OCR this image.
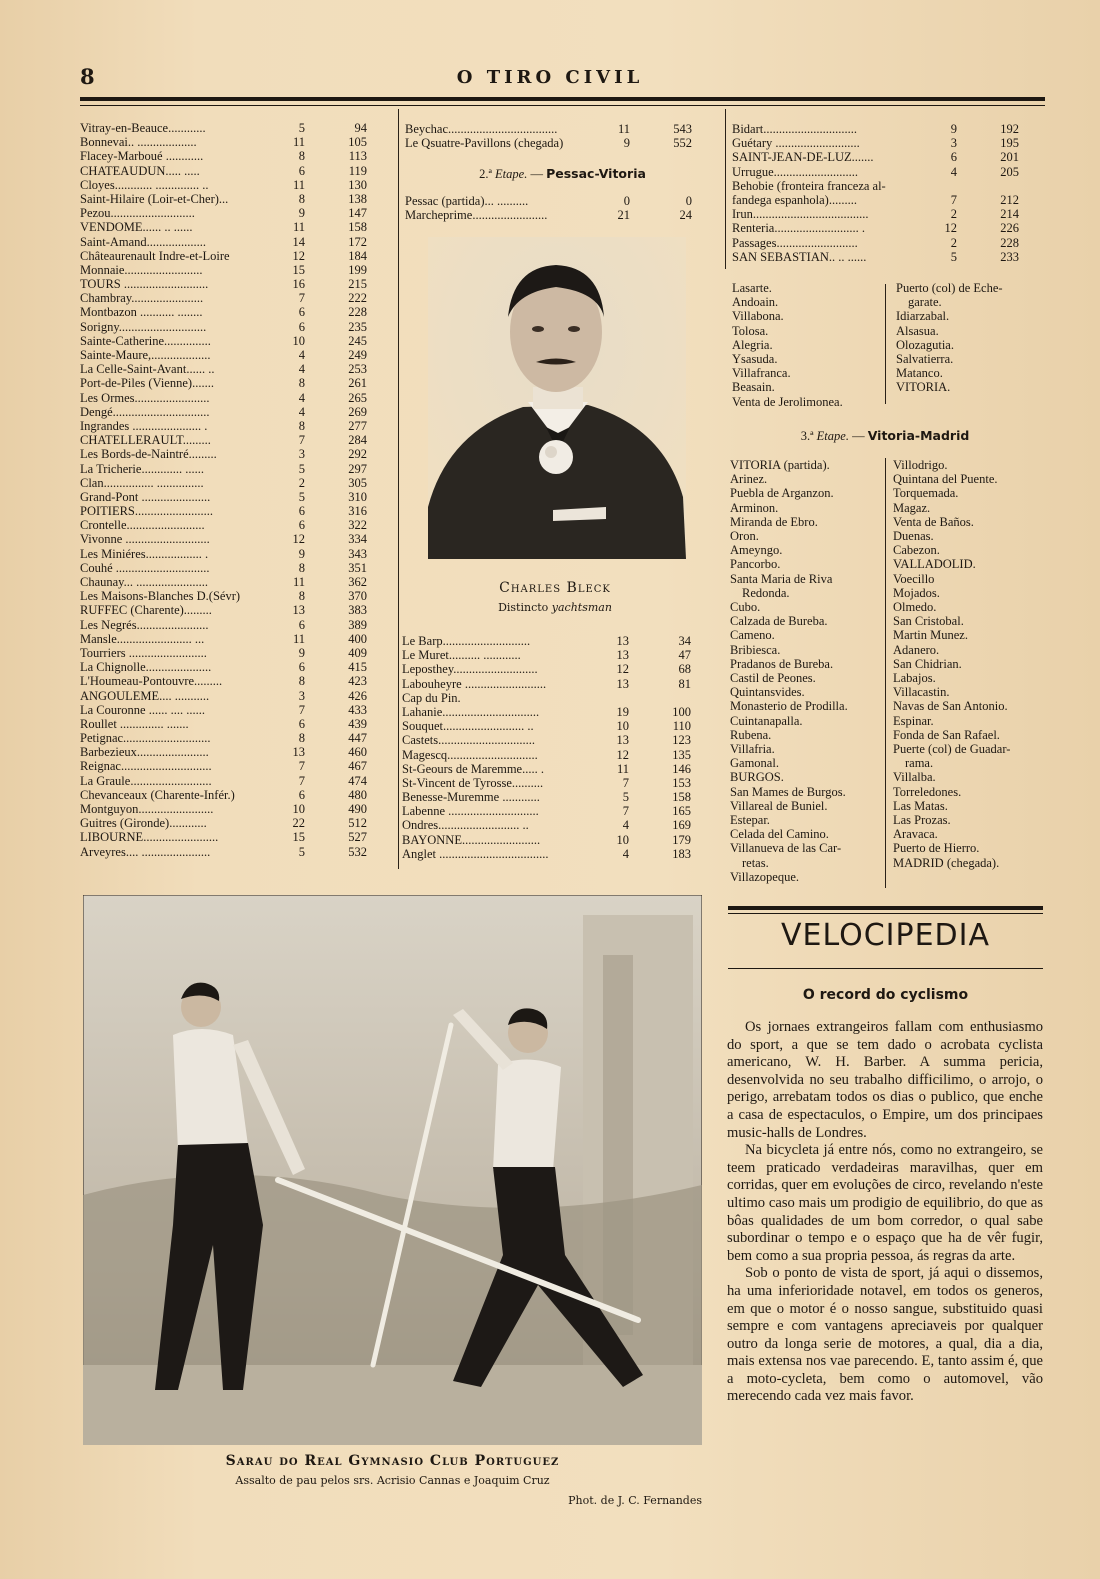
8	O TIRO CIVIL
Vitray-en-Beauce............	5	94
Bonnevai.. ...................	11	105
Flacey-Marboué ............	8	113
CHATEAUDUN..... .....	6	119
Cloyes............ .............. ..	11	130
Saint-Hilaire (Loir-et-Cher)...	8	138
Pezou...........................	9	147
VENDOME...... .. ......	11	158
Saint-Amand...................	14	172
Châteaurenault Indre-et-Loire	12	184
Monnaie.........................	15	199
TOURS ...........................	16	215
Chambray.......................	7	222
Montbazon ........... ........	6	228
Sorigny............................	6	235
Sainte-Catherine...............	10	245
Sainte-Maure,...................	4	249
La Celle-Saint-Avant...... ..	4	253
Port-de-Piles (Vienne).......	8	261
Les Ormes........................	4	265
Dengé...............................	4	269
Ingrandes ...................... .	8	277
CHATELLERAULT.........	7	284
Les Bords-de-Naintré.........	3	292
La Tricherie............. ......	5	297
Clan................ ...............	2	305
Grand-Pont ......................	5	310
POITIERS.........................	6	316
Crontelle.........................	6	322
Vivonne ...........................	12	334
Les Miniéres.................. .	9	343
Couhé ..............................	8	351
Chaunay... .......................	11	362
Les Maisons-Blanches D.(Sévr)	8	370
RUFFEC (Charente).........	13	383
Les Negrés.......................	6	389
Mansle........................ ...	11	400
Tourriers .........................	9	409
La Chignolle.....................	6	415
L'Houmeau-Pontouvre.........	8	423
ANGOULEME.... ...........	3	426
La Couronne ...... .... ......	7	433
Roullet .............. .......	6	439
Petignac............................	8	447
Barbezieux.......................	13	460
Reignac.............................	7	467
La Graule..........................	7	474
Chevanceaux (Charente-Infér.)	6	480
Montguyon........................	10	490
Guitres (Gironde)............	22	512
LIBOURNE........................	15	527
Arveyres.... ......................	5	532
Beychac...................................	11	543
Le Qsuatre-Pavillons (chegada)	9	552
2.ª Etape. — Pessac-Vitoria
Pessac (partida)... ..........	0	0
Marcheprime........................	21	24
Charles Bleck
Distincto yachtsman
Le Barp............................	13	34
Le Muret.......... ............	13	47
Leposthey...........................	12	68
Labouheyre ..........................	13	81
Cap du Pin.
Lahanie...............................	19	100
Souquet.......................... ..	10	110
Castets...............................	13	123
Magescq.............................	12	135
St-Geours de Maremme..... .	11	146
St-Vincent de Tyrosse..........	7	153
Benesse-Muremme ............	5	158
Labenne .............................	7	165
Ondres.......................... ..	4	169
BAYONNE.........................	10	179
Anglet ...................................	4	183
Bidart..............................	9	192
Guétary ...........................	3	195
SAINT-JEAN-DE-LUZ.......	6	201
Urrugue...........................	4	205
Behobie (fronteira franceza al-
fandega espanhola).........	7	212
Irun.....................................	2	214
Renteria........................... .	12	226
Passages..........................	2	228
SAN SEBASTIAN.. .. ......	5	233
Lasarte.
Andoain.
Villabona.
Tolosa.
Alegria.
Ysasuda.
Villafranca.
Beasain.
Venta de Jerolimonea.
Puerto (col) de Eche-
garate.
Idiarzabal.
Alsasua.
Olozagutia.
Salvatierra.
Matanco.
VITORIA.
3.ª Etape. — Vitoria-Madrid
VITORIA (partida).
Arinez.
Puebla de Arganzon.
Arminon.
Miranda de Ebro.
Oron.
Ameyngo.
Pancorbo.
Santa Maria de Riva
Redonda.
Cubo.
Calzada de Bureba.
Cameno.
Bribiesca.
Pradanos de Bureba.
Castil de Peones.
Quintansvides.
Monasterio de Prodilla.
Cuintanapalla.
Rubena.
Villafria.
Gamonal.
BURGOS.
San Mames de Burgos.
Villareal de Buniel.
Estepar.
Celada del Camino.
Villanueva de las Car-
retas.
Villazopeque.
Villodrigo.
Quintana del Puente.
Torquemada.
Magaz.
Venta de Baños.
Duenas.
Cabezon.
VALLADOLID.
Voecillo
Mojados.
Olmedo.
San Cristobal.
Martin Munez.
Adanero.
San Chidrian.
Labajos.
Villacastin.
Navas de San Antonio.
Espinar.
Fonda de San Rafael.
Puerte (col) de Guadar-
rama.
Villalba.
Torreledones.
Las Matas.
Las Prozas.
Aravaca.
Puerto de Hierro.
MADRID (chegada).
Sarau do Real Gymnasio Club Portuguez
Assalto de pau pelos srs. Acrisio Cannas e Joaquim Cruz
Phot. de J. C. Fernandes
VELOCIPEDIA
O record do cyclismo

Os jornaes extrangeiros fallam com enthusiasmo do sport, a que se tem dado o acrobata cyclista americano, W. H. Barber. A summa pericia, desenvolvida no seu trabalho difficilimo, o arrojo, o perigo, arrebatam todos os dias o publico, que enche a casa de espectaculos, o Empire, um dos principaes music-halls de Londres.

Na bicycleta já entre nós, como no extrangeiro, se teem praticado verdadeiras maravilhas, quer em corridas, quer em evoluções de circo, revelando n'este ultimo caso mais um prodigio de equilibrio, do que as bôas qualidades de um bom corredor, o qual sabe subordinar o tempo e o espaço que ha de vêr fugir, bem como a sua propria pessoa, ás regras da arte.

Sob o ponto de vista de sport, já aqui o dissemos, ha uma inferioridade notavel, em todos os generos, em que o motor é o nosso sangue, substituido quasi sempre e com vantagens apreciaveis por qualquer outro da longa serie de motores, a qual, dia a dia, mais extensa nos vae parecendo. E, tanto assim é, que a moto-cycleta, bem como o automovel, vão merecendo cada vez mais favor.
